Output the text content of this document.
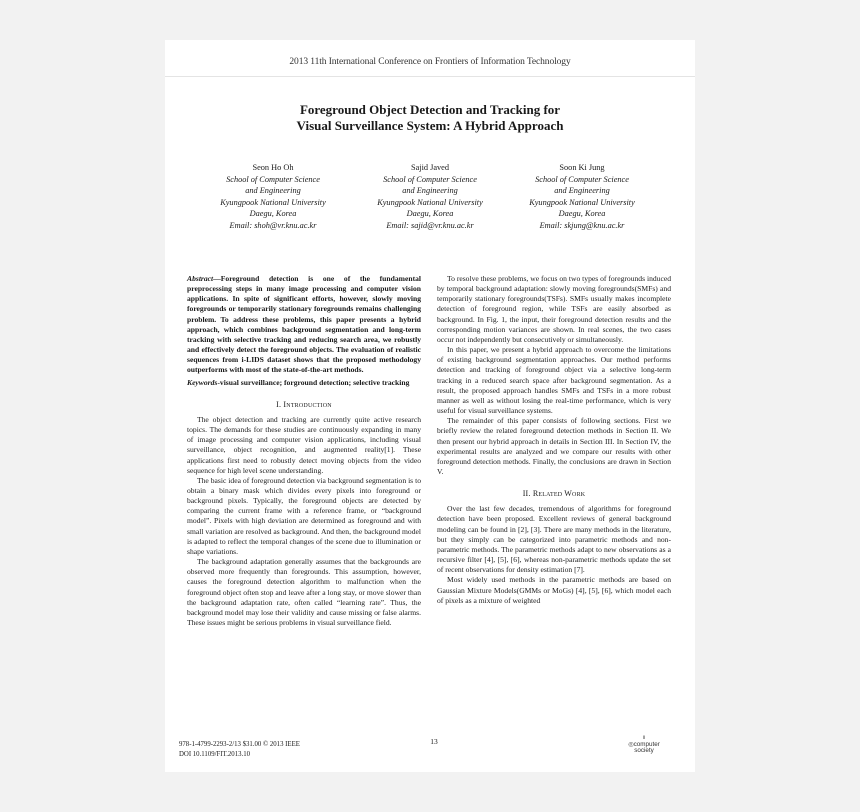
2013 11th International Conference on Frontiers of Information Technology
Foreground Object Detection and Tracking for
Visual Surveillance System: A Hybrid Approach
Seon Ho Oh
School of Computer Science
and Engineering
Kyungpook National University
Daegu, Korea
Email: shoh@vr.knu.ac.kr
Sajid Javed
School of Computer Science
and Engineering
Kyungpook National University
Daegu, Korea
Email: sajid@vr.knu.ac.kr
Soon Ki Jung
School of Computer Science
and Engineering
Kyungpook National University
Daegu, Korea
Email: skjung@knu.ac.kr

Abstract—Foreground detection is one of the fundamental preprocessing steps in many image processing and computer vision applications. In spite of significant efforts, however, slowly moving foregrounds or temporarily stationary foregrounds remains challenging problem. To address these problems, this paper presents a hybrid approach, which combines background segmentation and long-term tracking with selective tracking and reducing search area, we robustly and effectively detect the foreground objects. The evaluation of realistic sequences from i-LIDS dataset shows that the proposed methodology outperforms with most of the state-of-the-art methods.

Keywords-visual surveillance; forground detection; selective tracking

I. Introduction

The object detection and tracking are currently quite active research topics. The demands for these studies are continuously expanding in many of image processing and computer vision applications, including visual surveillance, object recognition, and augmented reality[1]. These applications first need to robustly detect moving objects from the video sequence for high level scene understanding.

The basic idea of foreground detection via background segmentation is to obtain a binary mask which divides every pixels into foreground or background pixels. Typically, the foreground objects are detected by comparing the current frame with a reference frame, or “background model”. Pixels with high deviation are determined as foreground and with small variation are resolved as background. And then, the background model is adapted to reflect the temporal changes of the scene due to illumination or shape variations.

The background adaptation generally assumes that the backgrounds are observed more frequently than foregrounds. This assumption, however, causes the foreground detection algorithm to malfunction when the foreground object often stop and leave after a long stay, or move slower than the background adaptation rate, often called “learning rate”. Thus, the background model may lose their validity and cause missing or false alarms. These issues might be serious problems in visual surveillance field.

To resolve these problems, we focus on two types of foregrounds induced by temporal background adaptation: slowly moving foregrounds(SMFs) and temporarily stationary foregrounds(TSFs). SMFs usually makes incomplete detection of foreground region, while TSFs are easily absorbed as background. In Fig. 1, the input, their foreground detection results and the corresponding motion variances are shown. In real scenes, the two cases occur not independently but consecutively or simultaneously.

In this paper, we present a hybrid approach to overcome the limitations of existing background segmentation approaches. Our method performs detection and tracking of foreground object via a selective long-term tracking in a reduced search space after background segmentation. As a result, the proposed approach handles SMFs and TSFs in a more robust manner as well as without losing the real-time performance, which is very useful for visual surveillance systems.

The remainder of this paper consists of following sections. First we briefly review the related foreground detection methods in Section II. We then present our hybrid approach in details in Section III. In Section IV, the experimental results are analyzed and we compare our results with other foreground detection methods. Finally, the conclusions are drawn in Section V.

II. Related Work

Over the last few decades, tremendous of algorithms for foreground detection have been proposed. Excellent reviews of general background modeling can be found in [2], [3]. There are many methods in the literature, but they simply can be categorized into parametric methods and non-parametric methods. The parametric methods adapt to new observations as a recursive filter [4], [5], [6], whereas non-parametric methods update the set of recent observations for density estimation [7].

Most widely used methods in the parametric methods are based on Gaussian Mixture Models(GMMs or MoGs) [4], [5], [6], which model each of pixels as a mixture of weighted

978-1-4799-2293-2/13 $31.00 © 2013 IEEE
DOI 10.1109/FIT.2013.10
13	ii
◎computer
society
